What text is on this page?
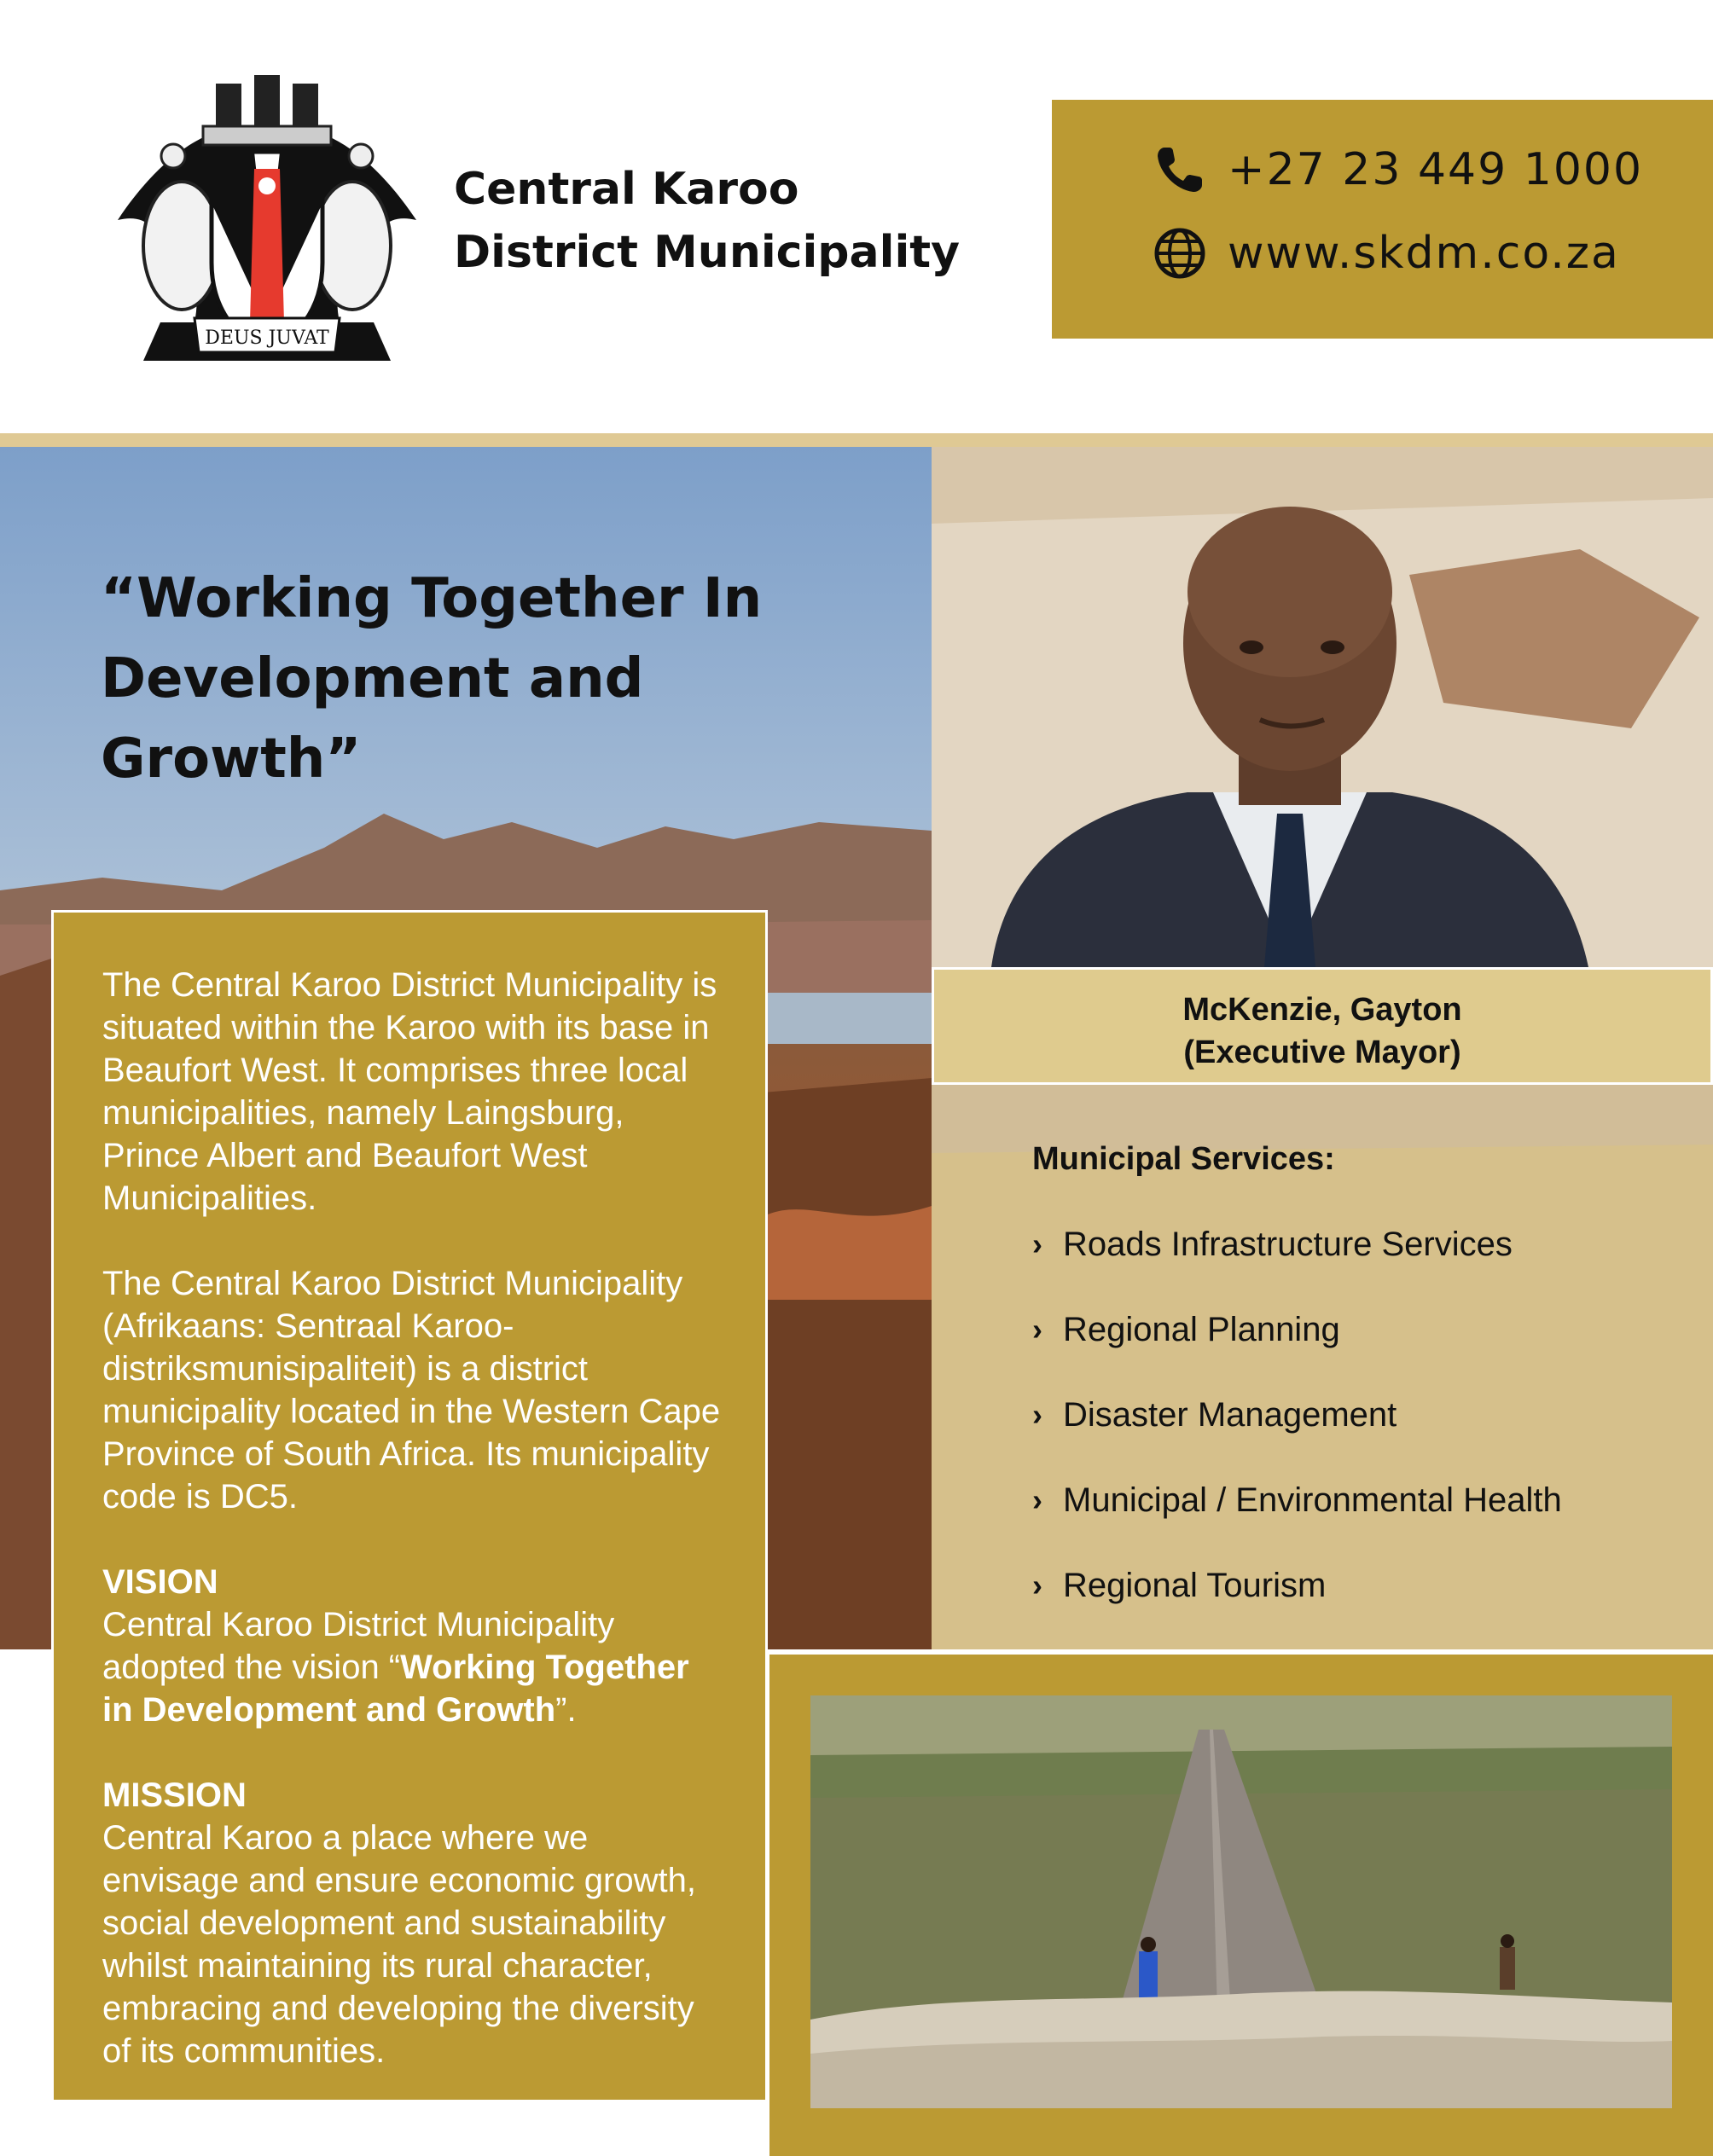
DEUS JUVAT
Central Karoo
District Municipality
+27 23 449 1000
www.skdm.co.za
“Working Together In Development and Growth”

The Central Karoo District Municipality is situated within the Karoo with its base in Beaufort West. It comprises three local municipalities, namely Laingsburg, Prince Albert and Beaufort West Municipalities.

The Central Karoo District Municipality (Afrikaans: Sentraal Karoo-distriksmunisipaliteit) is a district municipality located in the Western Cape Province of South Africa. Its municipality code is DC5.

VISION
Central Karoo District Municipality adopted the vision “Working Together in Development and Growth”.

MISSION
Central Karoo a place where we envisage and ensure economic growth, social development and sustainability whilst maintaining its rural character, embracing and developing the diversity of its communities.

McKenzie, Gayton
(Executive Mayor)
Municipal Services:
› Roads Infrastructure Services
› Regional Planning
› Disaster Management
› Municipal / Environmental Health
› Regional Tourism
